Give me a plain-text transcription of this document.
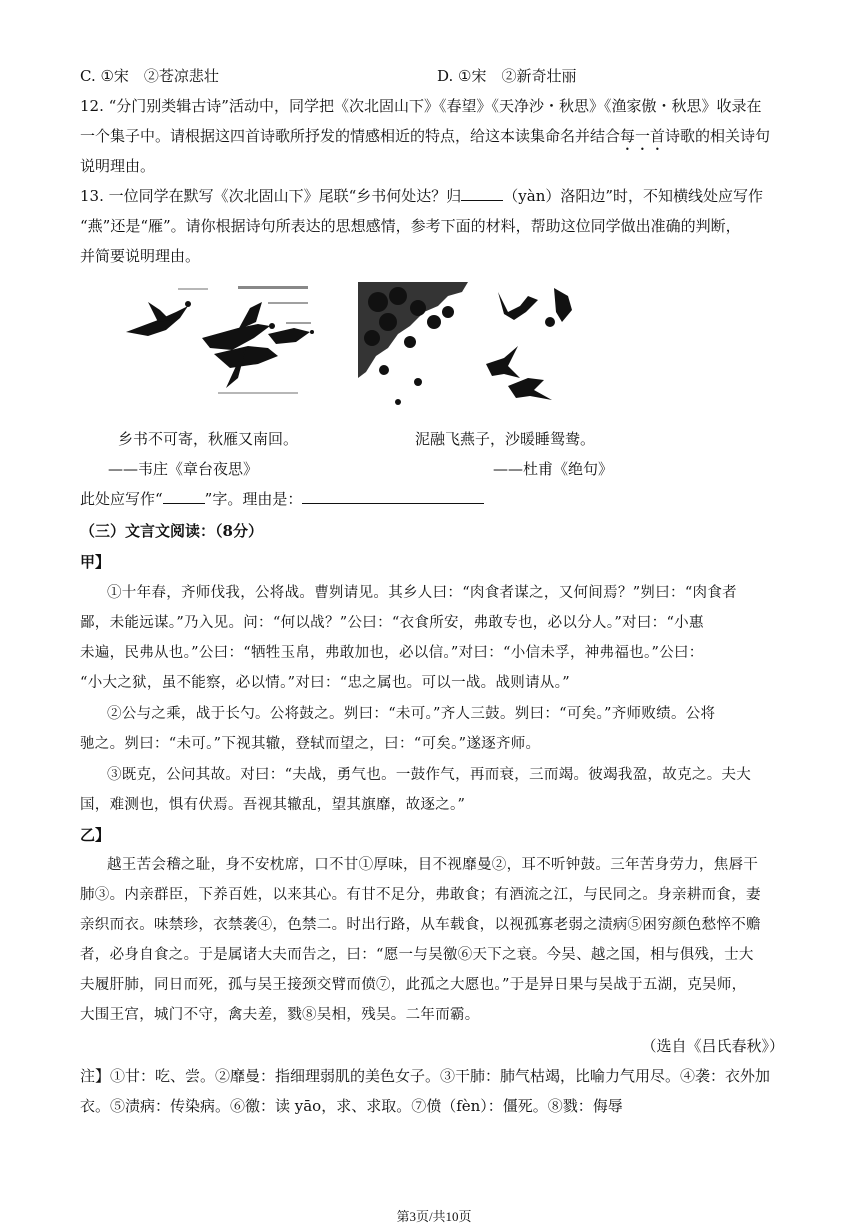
C. ①宋　②苍凉悲壮	D. ①宋　②新奇壮丽
12. “分门别类辑古诗”活动中，同学把《次北固山下》《春望》《天净沙・秋思》《渔家傲・秋思》收录在
一个集子中。请根据这四首诗歌所抒发的情感相近的特点，给这本读集命名并结合每一首诗歌的相关诗句
说明理由。
13. 一位同学在默写《次北固山下》尾联“乡书何处达？归	（yàn）洛阳边”时，不知横线处应写作
“燕”还是“雁”。请你根据诗句所表达的思想感情，参考下面的材料，帮助这位同学做出准确的判断，
并简要说明理由。
乡书不可寄，秋雁又南回。
——韦庄《章台夜思》
泥融飞燕子，沙暖睡鸳鸯。
——杜甫《绝句》
此处应写作“	”字。理由是：
（三）文言文阅读：（8分）
甲】
①十年春，齐师伐我，公将战。曹刿请见。其乡人曰：“肉食者谋之，又何间焉？”刿曰：“肉食者
鄙，未能远谋。”乃入见。问：“何以战？”公曰：“衣食所安，弗敢专也，必以分人。”对曰：“小惠
未遍，民弗从也。”公曰：“牺牲玉帛，弗敢加也，必以信。”对曰：“小信未孚，神弗福也。”公曰：
“小大之狱，虽不能察，必以情。”对曰：“忠之属也。可以一战。战则请从。”
②公与之乘，战于长勺。公将鼓之。刿曰：“未可。”齐人三鼓。刿曰：“可矣。”齐师败绩。公将
驰之。刿曰：“未可。”下视其辙，登轼而望之，曰：“可矣。”遂逐齐师。
③既克，公问其故。对曰：“夫战，勇气也。一鼓作气，再而衰，三而竭。彼竭我盈，故克之。夫大
国，难测也，惧有伏焉。吾视其辙乱，望其旗靡，故逐之。”
乙】
越王苦会稽之耻，身不安枕席，口不甘①厚味，目不视靡曼②，耳不听钟鼓。三年苦身劳力，焦唇干
肺③。内亲群臣，下养百姓，以来其心。有甘不足分，弗敢食；有酒流之江，与民同之。身亲耕而食，妻
亲织而衣。味禁珍，衣禁袭④，色禁二。时出行路，从车载食，以视孤寡老弱之渍病⑤困穷颜色愁悴不赡
者，必身自食之。于是属诸大夫而告之，曰：“愿一与吴徼⑥天下之衰。今吴、越之国，相与俱残，士大
夫履肝肺，同日而死，孤与吴王接颈交臂而偾⑦，此孤之大愿也。”于是异日果与吴战于五湖，克吴师，
大围王宫，城门不守，禽夫差，戮⑧吴相，残吴。二年而霸。
（选自《吕氏春秋》）
注】①甘：吃、尝。②靡曼：指细理弱肌的美色女子。③干肺：肺气枯竭，比喻力气用尽。④袭：衣外加
衣。⑤渍病：传染病。⑥徼：读 yāo，求、求取。⑦偾（fèn）：僵死。⑧戮：侮辱
第3页/共10页
